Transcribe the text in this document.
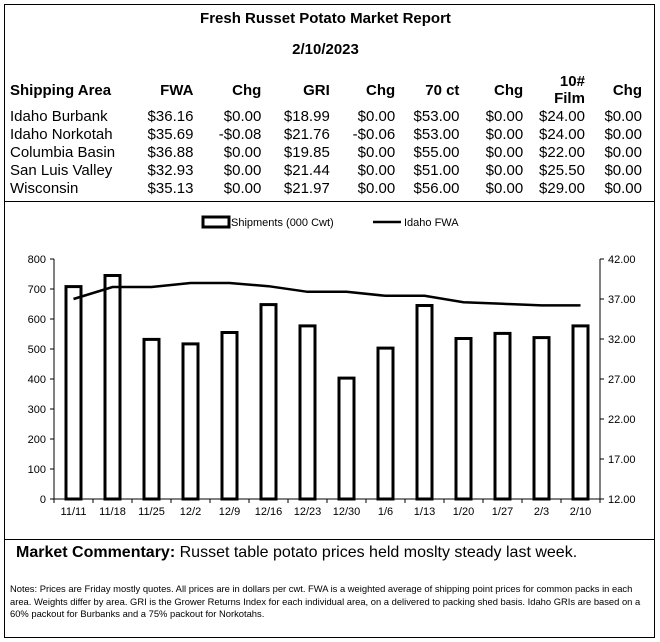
Fresh Russet Potato Market Report
2/10/2023
Shipping Area	FWA	Chg	GRI	Chg	70 ct	Chg	10# Film	Chg
Idaho Burbank	$36.16	$0.00	$18.99	$0.00	$53.00	$0.00	$24.00	$0.00
Idaho Norkotah	$35.69	-$0.08	$21.76	-$0.06	$53.00	$0.00	$24.00	$0.00
Columbia Basin	$36.88	$0.00	$19.85	$0.00	$55.00	$0.00	$22.00	$0.00
San Luis Valley	$32.93	$0.00	$21.44	$0.00	$51.00	$0.00	$25.50	$0.00
Wisconsin	$35.13	$0.00	$21.97	$0.00	$56.00	$0.00	$29.00	$0.00
0
100
200
300
400
500
600
700
800
12.00
17.00
22.00
27.00
32.00
37.00
42.00
11/11 11/18 11/25 12/2 12/9 12/16 12/23 12/30 1/6 1/13 1/20 1/27 2/3 2/10
Shipments (000 Cwt)	Idaho FWA
Market Commentary: Russet table potato prices held moslty steady last week.
Notes: Prices are Friday mostly quotes. All prices are in dollars per cwt. FWA is a weighted average of shipping point prices for common packs in each area. Weights differ by area. GRI is the Grower Returns Index for each individual area, on a delivered to packing shed basis. Idaho GRIs are based on a 60% packout for Burbanks and a 75% packout for Norkotahs.
